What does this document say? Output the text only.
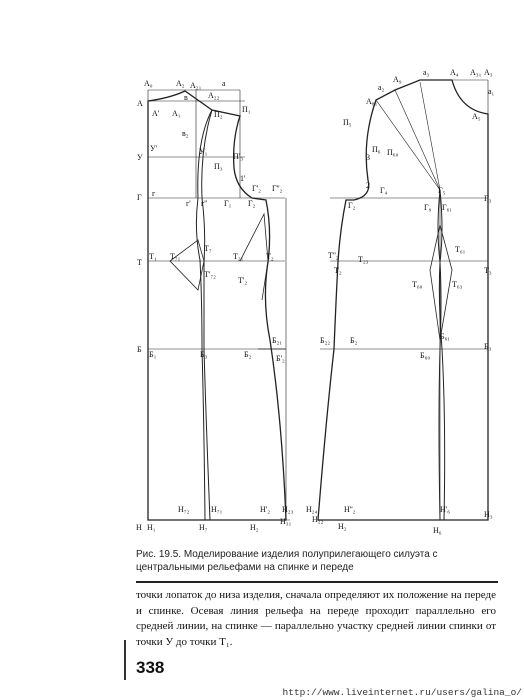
А₀	А₂ А₂₁	а
А
А₁
А'
в	А₂₂
П₁
П₂
в₂
У
У'	У₁
П'₃
П₃
1'
Г г
Г'₂ Г''₂
г' г'' Г₁ Г₂
Т
Т₁ Т₇₁
Т₇
Т'₇₂
Т₂₁
Т'₂
Т₂
Б
Б₁	Б₃	Б₂
Б₂₁
Б'₂
Н₇₂	Н₇₁	Н'₂ Н₂₃
Н Н₁	Н₇	Н₂
Н₃₁
а₃	А₄ А₃₁ А₃
а₂
А₉
а₁
А₈₁
А₅
П₅
П₆ П₆₀
3
2
Г₄	Г₅
Г₉ Г₆₁
Г₃
Г₂
Т₆₁
Т''₂ Т₂₃
Т₂	Т₃
Т₆₀	Т₆₃
Б₂₂ Б₂	Б₆₁
Б₃
Б₆₀
Н₂₄	Н''₂	Н'₆
Н₃
Н₂₂
Н₂	Н₆
Рис. 19.5. Моделирование изделия полуприлегающего силуэта с центральными рельефами на спинке и переде
точки лопаток до низа изделия, сначала определяют их положение на переде и спинке. Осевая линия рельефа на переде проходит параллельно его средней линии, на спинке — параллельно участку средней линии спинки от точки У до точки Т₁.
338
http://www.liveinternet.ru/users/galina_o/
